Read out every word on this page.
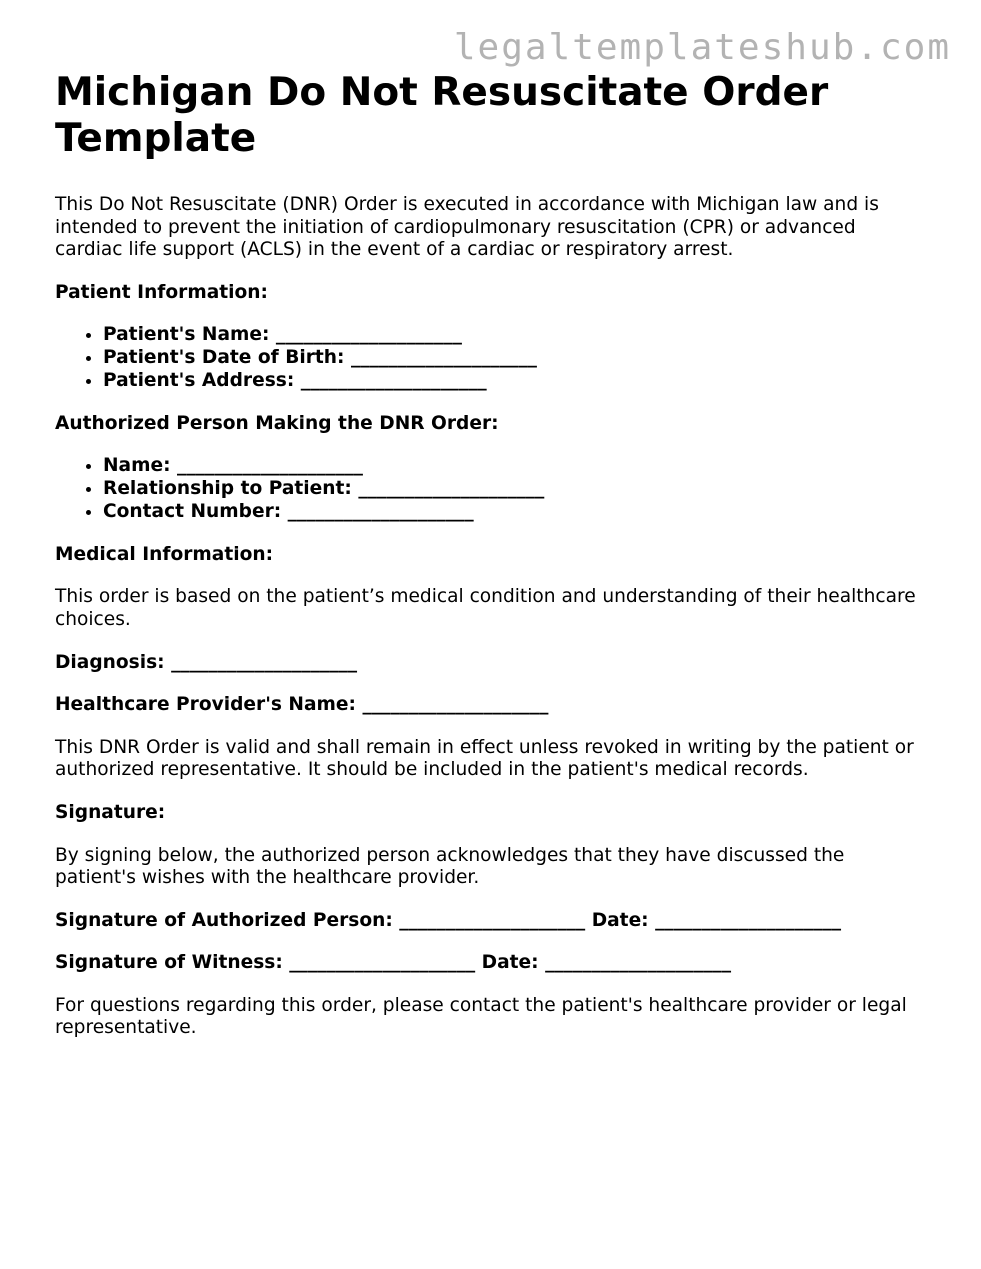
legaltemplateshub.com
Michigan Do Not Resuscitate Order Template

This Do Not Resuscitate (DNR) Order is executed in accordance with Michigan law and is intended to prevent the initiation of cardiopulmonary resuscitation (CPR) or advanced cardiac life support (ACLS) in the event of a cardiac or respiratory arrest.

Patient Information:

• Patient's Name: ____________________
• Patient's Date of Birth: ____________________
• Patient's Address: ____________________

Authorized Person Making the DNR Order:

• Name: ____________________
• Relationship to Patient: ____________________
• Contact Number: ____________________

Medical Information:

This order is based on the patient’s medical condition and understanding of their healthcare choices.

Diagnosis: ____________________

Healthcare Provider's Name: ____________________

This DNR Order is valid and shall remain in effect unless revoked in writing by the patient or authorized representative. It should be included in the patient's medical records.

Signature:

By signing below, the authorized person acknowledges that they have discussed the patient's wishes with the healthcare provider.

Signature of Authorized Person: ____________________ Date: ____________________

Signature of Witness: ____________________ Date: ____________________

For questions regarding this order, please contact the patient's healthcare provider or legal representative.
